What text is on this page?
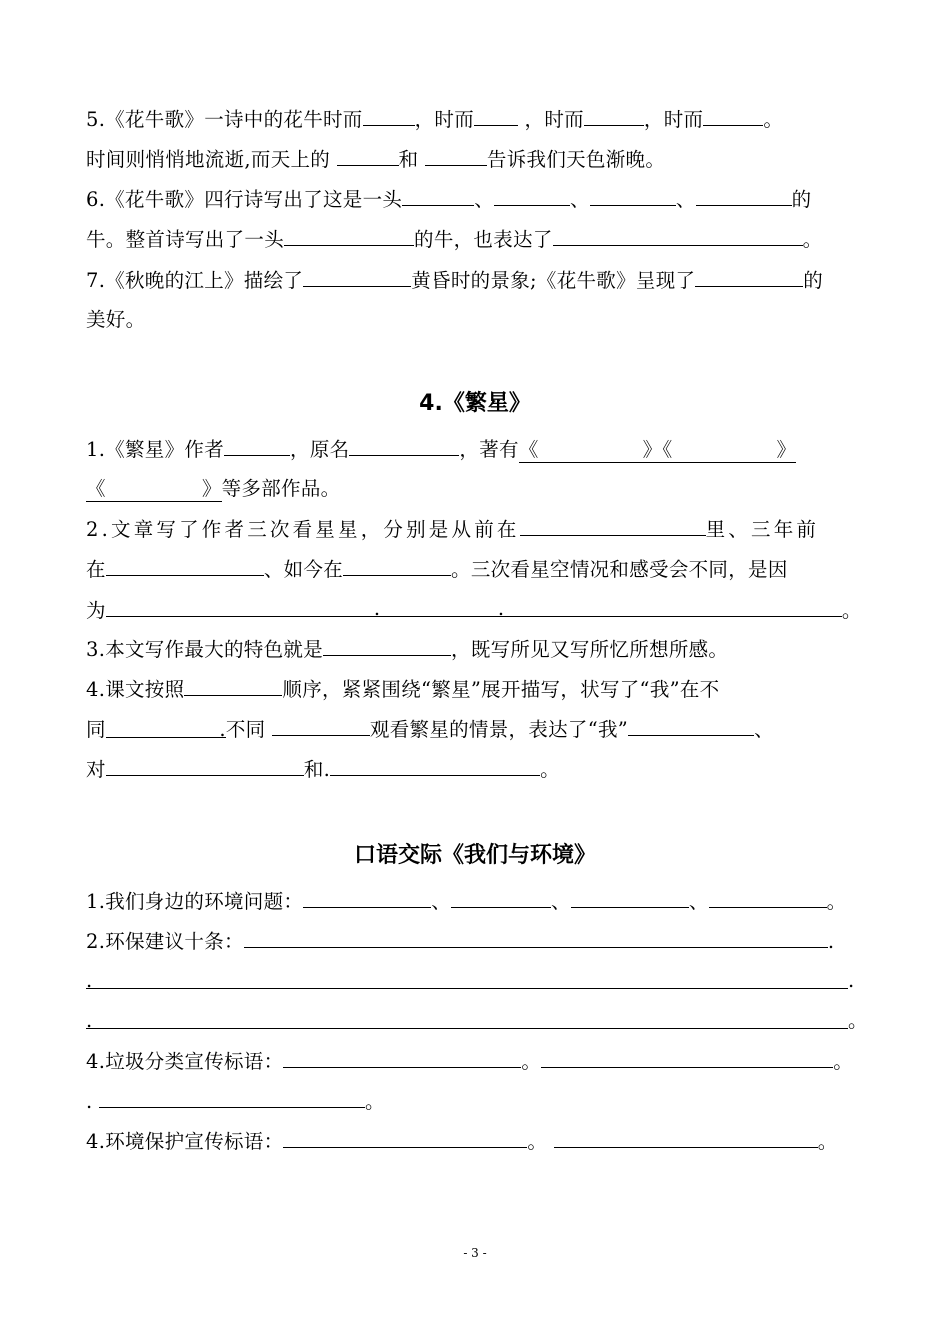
5.《花牛歌》一诗中的花牛时而	，时而	，时而	，时而	。
时间则悄悄地流逝,而天上的	和	告诉我们天色渐晚。
6.《花牛歌》四行诗写出了这是一头	、	、	、	的
牛。整首诗写出了一头	的牛，也表达了	。
7.《秋晚的江上》描绘了	黄昏时的景象;《花牛歌》呈现了	的
美好。
4.《繁星》
1.《繁星》作者	，原名	，著有《	》《	》
《	》等多部作品。
2.文章写了作者三次看星星，分别是从前在	里、三年前
在	、如今在	。三次看星空情况和感受会不同，是因
为	.	.	。
3.本文写作最大的特色就是	，既写所见又写所忆所想所感。
4.课文按照	顺序，紧紧围绕“繁星”展开描写，状写了“我”在不
同	.不同	观看繁星的情景，表达了“我”	、
对	和.	。
口语交际《我们与环境》
1.我们身边的环境问题：	、	、	、	。
2.环保建议十条：	.
.	.
.	。
4.垃圾分类宣传标语：	。	。
.	。
4.环境保护宣传标语：	。	。
- 3 -
